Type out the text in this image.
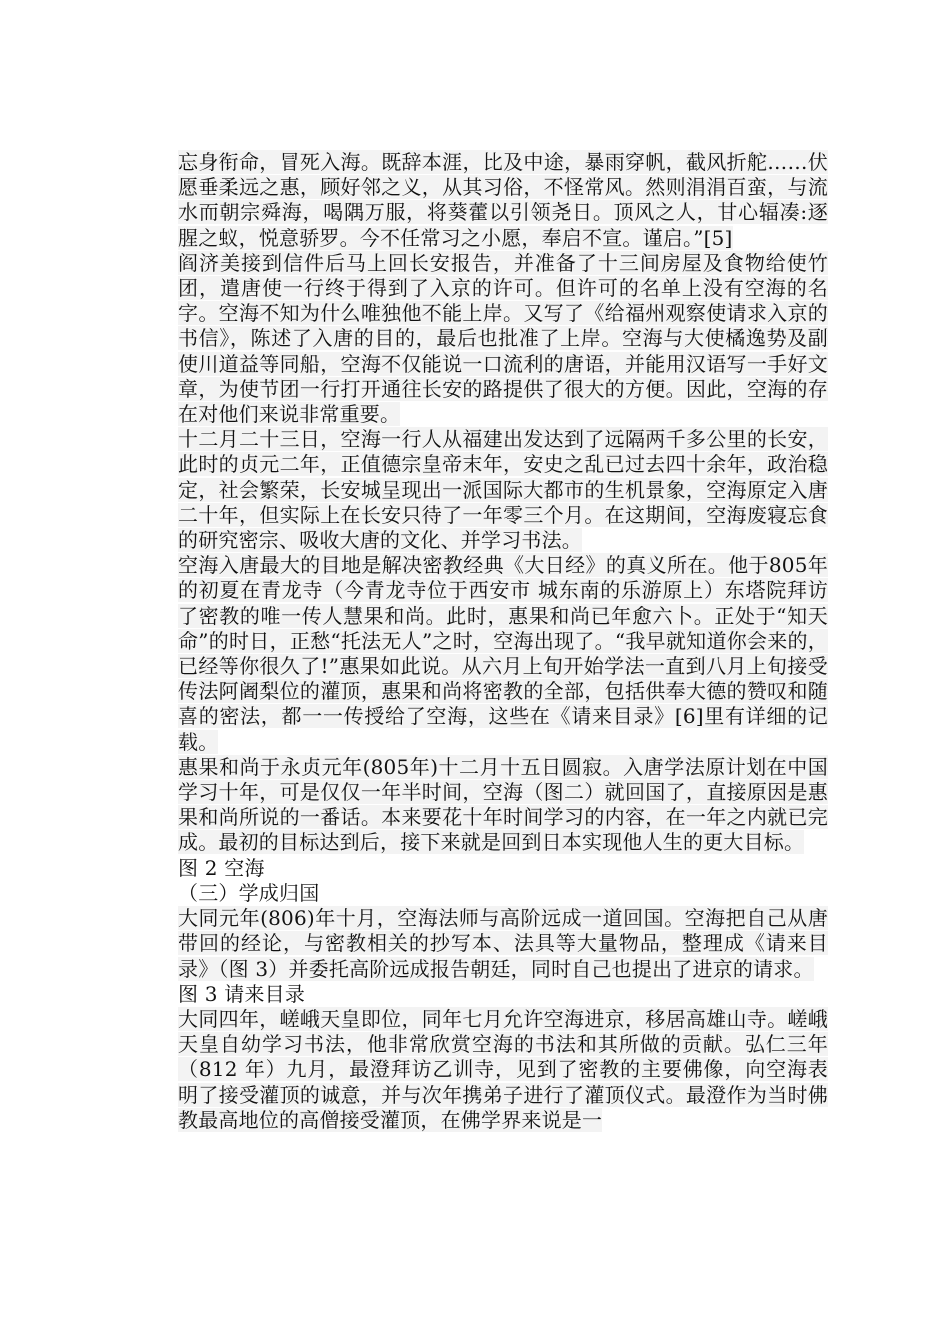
忘身衔命，冒死入海。既辞本涯，比及中途，暴雨穿帆，截风折舵……伏愿垂柔远之惠，顾好邻之义，从其习俗，不怪常风。然则涓涓百蛮，与流水而朝宗舜海，喝隅万服，将葵藿以引领尧日。顶风之人，甘心辐凑:逐腥之蚁，悦意骄罗。今不任常习之小愿，奉启不宣。谨启。”[5]

阎济美接到信件后马上回长安报告，并准备了十三间房屋及食物给使竹团，遣唐使一行终于得到了入京的许可。但许可的名单上没有空海的名字。空海不知为什么唯独他不能上岸。又写了《给福州观察使请求入京的书信》，陈述了入唐的目的，最后也批准了上岸。空海与大使橘逸势及副使川道益等同船，空海不仅能说一口流利的唐语，并能用汉语写一手好文章，为使节团一行打开通往长安的路提供了很大的方便。因此，空海的存在对他们来说非常重要。

十二月二十三日，空海一行人从福建出发达到了远隔两千多公里的长安，此时的贞元二年，正值德宗皇帝末年，安史之乱已过去四十余年，政治稳定，社会繁荣，长安城呈现出一派国际大都市的生机景象，空海原定入唐二十年，但实际上在长安只待了一年零三个月。在这期间，空海废寝忘食的研究密宗、吸收大唐的文化、并学习书法。

空海入唐最大的目地是解决密教经典《大日经》的真义所在。他于805年的初夏在青龙寺（今青龙寺位于西安市 城东南的乐游原上）东塔院拜访了密教的唯一传人慧果和尚。此时，惠果和尚已年愈六卜。正处于“知天命”的时日，正愁“托法无人”之时，空海出现了。“我早就知道你会来的，已经等你很久了!”惠果如此说。从六月上旬开始学法一直到八月上旬接受传法阿阇梨位的灌顶，惠果和尚将密教的全部，包括供奉大德的赞叹和随喜的密法，都一一传授给了空海，这些在《请来目录》[6]里有详细的记载。

惠果和尚于永贞元年(805年)十二月十五日圆寂。入唐学法原计划在中国学习十年，可是仅仅一年半时间，空海（图二）就回国了，直接原因是惠果和尚所说的一番话。本来要花十年时间学习的内容，在一年之内就已完成。最初的目标达到后，接下来就是回到日本实现他人生的更大目标。

图 2 空海

（三）学成归国

大同元年(806)年十月，空海法师与高阶远成一道回国。空海把自己从唐带回的经论，与密教相关的抄写本、法具等大量物品，整理成《请来目录》（图 3）并委托高阶远成报告朝廷，同时自己也提出了进京的请求。

图 3 请来目录

大同四年，嵯峨天皇即位，同年七月允许空海进京，移居高雄山寺。嵯峨天皇自幼学习书法，他非常欣赏空海的书法和其所做的贡献。弘仁三年（812 年）九月，最澄拜访乙训寺，见到了密教的主要佛像，向空海表明了接受灌顶的诚意，并与次年携弟子进行了灌顶仪式。最澄作为当时佛教最高地位的高僧接受灌顶，在佛学界来说是一
